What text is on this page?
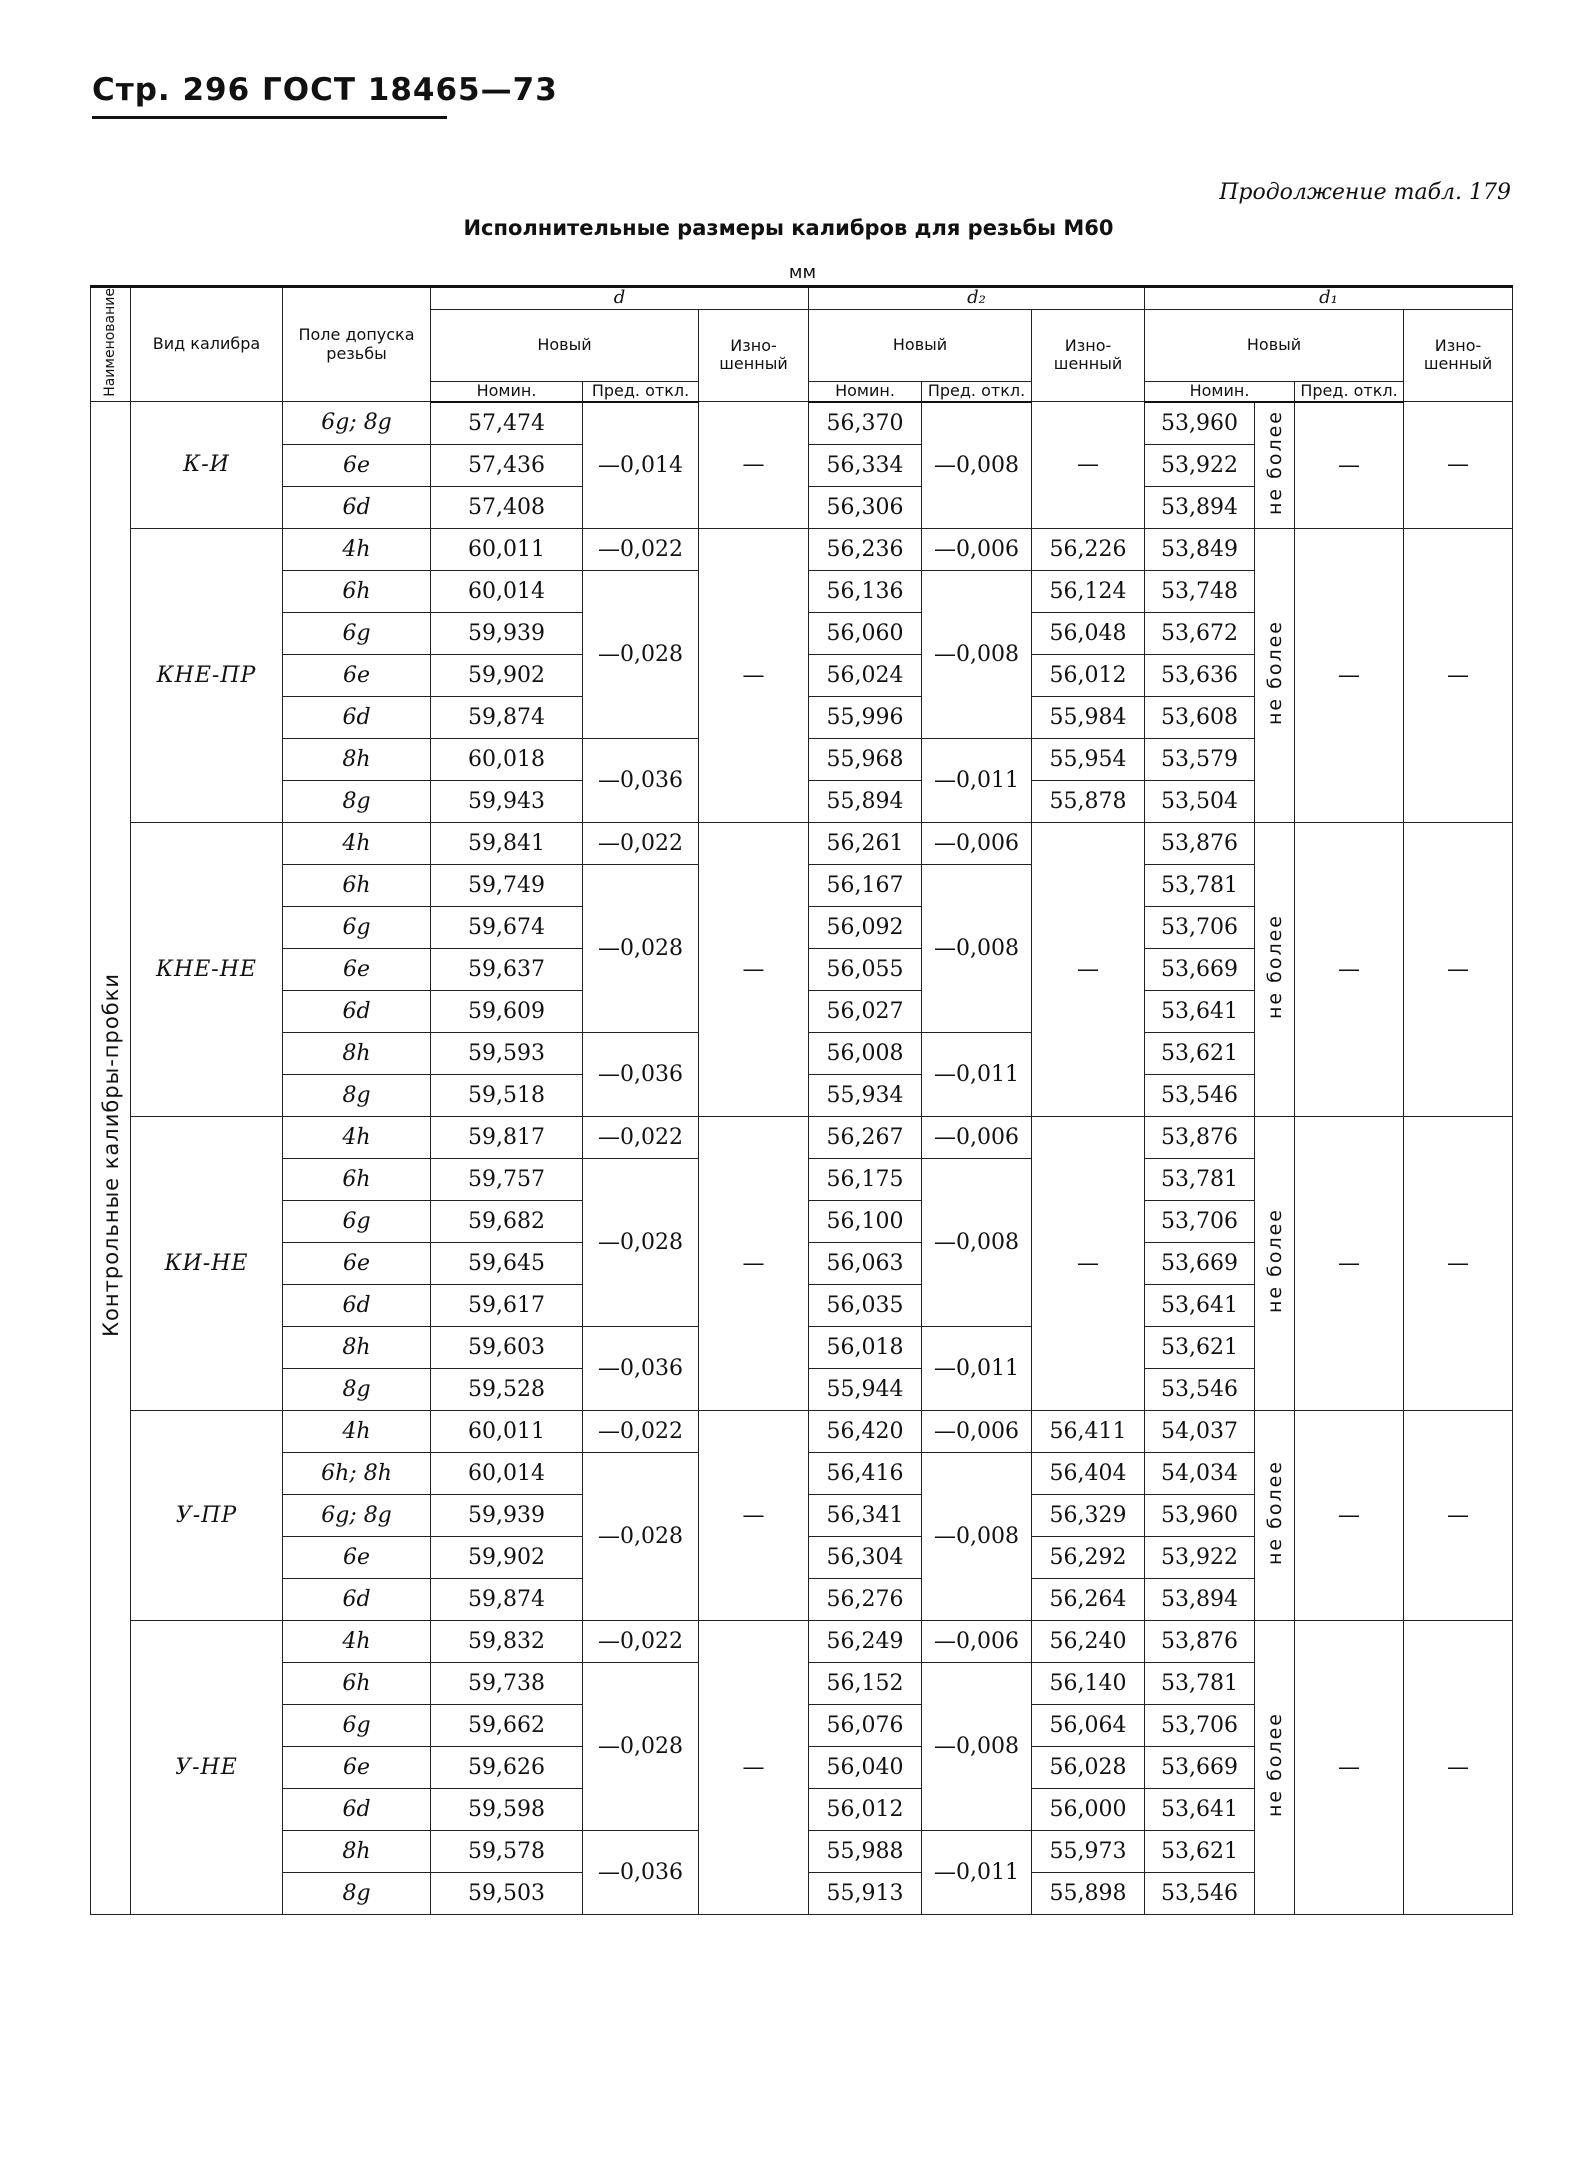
Стр. 296 ГОСТ 18465—73
Продолжение табл. 179
Исполнительные размеры калибров для резьбы М60
мм
Наименование	Вид калибра	Поле допуска резьбы	d			d₂			d₁			
			Новый		Изно-шенный	Новый		Изно-шенный	Новый			Изно-шенный
			Номин.	Пред. откл.		Номин.	Пред. откл.		Номин.		Пред. откл.	
Контрольные калибры-пробки	К-И	6g; 8g	57,474	—0,014	—	56,370	—0,008	—	53,960	не более	—	—
		6e	57,436			56,334			53,922			
		6d	57,408			56,306			53,894			
	КНЕ-ПР	4h	60,011	—0,022	—	56,236	—0,006	56,226	53,849	не более	—	—
		6h	60,014	—0,028		56,136	—0,008	56,124	53,748			
		6g	59,939			56,060		56,048	53,672			
		6e	59,902			56,024		56,012	53,636			
		6d	59,874			55,996		55,984	53,608			
		8h	60,018	—0,036		55,968	—0,011	55,954	53,579			
		8g	59,943			55,894		55,878	53,504			
	КНЕ-НЕ	4h	59,841	—0,022	—	56,261	—0,006	—	53,876	не более	—	—
		6h	59,749	—0,028		56,167	—0,008		53,781			
		6g	59,674			56,092			53,706			
		6e	59,637			56,055			53,669			
		6d	59,609			56,027			53,641			
		8h	59,593	—0,036		56,008	—0,011		53,621			
		8g	59,518			55,934			53,546			
	КИ-НЕ	4h	59,817	—0,022	—	56,267	—0,006	—	53,876	не более	—	—
		6h	59,757	—0,028		56,175	—0,008		53,781			
		6g	59,682			56,100			53,706			
		6e	59,645			56,063			53,669			
		6d	59,617			56,035			53,641			
		8h	59,603	—0,036		56,018	—0,011		53,621			
		8g	59,528			55,944			53,546			
	У-ПР	4h	60,011	—0,022	—	56,420	—0,006	56,411	54,037	не более	—	—
		6h; 8h	60,014	—0,028		56,416	—0,008	56,404	54,034			
		6g; 8g	59,939			56,341		56,329	53,960			
		6e	59,902			56,304		56,292	53,922			
		6d	59,874			56,276		56,264	53,894			
	У-НЕ	4h	59,832	—0,022	—	56,249	—0,006	56,240	53,876	не более	—	—
		6h	59,738	—0,028		56,152	—0,008	56,140	53,781			
		6g	59,662			56,076		56,064	53,706			
		6e	59,626			56,040		56,028	53,669			
		6d	59,598			56,012		56,000	53,641			
		8h	59,578	—0,036		55,988	—0,011	55,973	53,621			
		8g	59,503			55,913		55,898	53,546			
